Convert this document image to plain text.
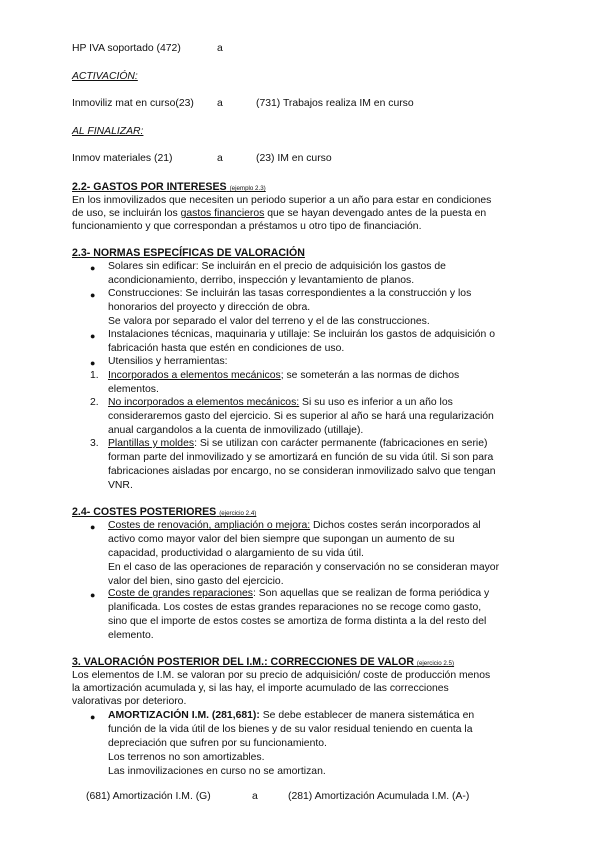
HP IVA soportado (472)	a
ACTIVACIÓN:
Inmoviliz mat en curso(23) a	(731) Trabajos realiza IM en curso
AL FINALIZAR:
Inmov materiales (21)	a	(23) IM en curso
2.2- GASTOS POR INTERESES (ejemplo 2.3)
En los inmovilizados que necesiten un periodo superior a un año para estar en condiciones
de uso, se incluirán los gastos financieros que se hayan devengado antes de la puesta en
funcionamiento y que correspondan a préstamos u otro tipo de financiación.
2.3- NORMAS ESPECÍFICAS DE VALORACIÓN
● Solares sin edificar: Se incluirán en el precio de adquisición los gastos de
acondicionamiento, derribo, inspección y levantamiento de planos.
● Construcciones: Se incluirán las tasas correspondientes a la construcción y los
honorarios del proyecto y dirección de obra.
Se valora por separado el valor del terreno y el de las construcciones.
● Instalaciones técnicas, maquinaria y utillaje: Se incluirán los gastos de adquisición o
fabricación hasta que estén en condiciones de uso.
● Utensilios y herramientas:
1. Incorporados a elementos mecánicos; se someterán a las normas de dichos
elementos.
2. No incorporados a elementos mecánicos: Si su uso es inferior a un año los
consideraremos gasto del ejercicio. Si es superior al año se hará una regularización
anual cargandolos a la cuenta de inmovilizado (utillaje).
3. Plantillas y moldes: Si se utilizan con carácter permanente (fabricaciones en serie)
forman parte del inmovilizado y se amortizará en función de su vida útil. Si son para
fabricaciones aisladas por encargo, no se consideran inmovilizado salvo que tengan
VNR.
2.4- COSTES POSTERIORES (ejercicio 2.4)
● Costes de renovación, ampliación o mejora: Dichos costes serán incorporados al
activo como mayor valor del bien siempre que supongan un aumento de su
capacidad, productividad o alargamiento de su vida útil.
En el caso de las operaciones de reparación y conservación no se consideran mayor
valor del bien, sino gasto del ejercicio.
● Coste de grandes reparaciones: Son aquellas que se realizan de forma periódica y
planificada. Los costes de estas grandes reparaciones no se recoge como gasto,
sino que el importe de estos costes se amortiza de forma distinta a la del resto del
elemento.
3. VALORACIÓN POSTERIOR DEL I.M.: CORRECCIONES DE VALOR (ejercicio 2.5)
Los elementos de I.M. se valoran por su precio de adquisición/ coste de producción menos
la amortización acumulada y, si las hay, el importe acumulado de las correcciones
valorativas por deterioro.
● AMORTIZACIÓN I.M. (281,681): Se debe establecer de manera sistemática en
función de la vida útil de los bienes y de su valor residual teniendo en cuenta la
depreciación que sufren por su funcionamiento.
Los terrenos no son amortizables.
Las inmovilizaciones en curso no se amortizan.
(681) Amortización I.M. (G)	a	(281) Amortización Acumulada I.M. (A-)
